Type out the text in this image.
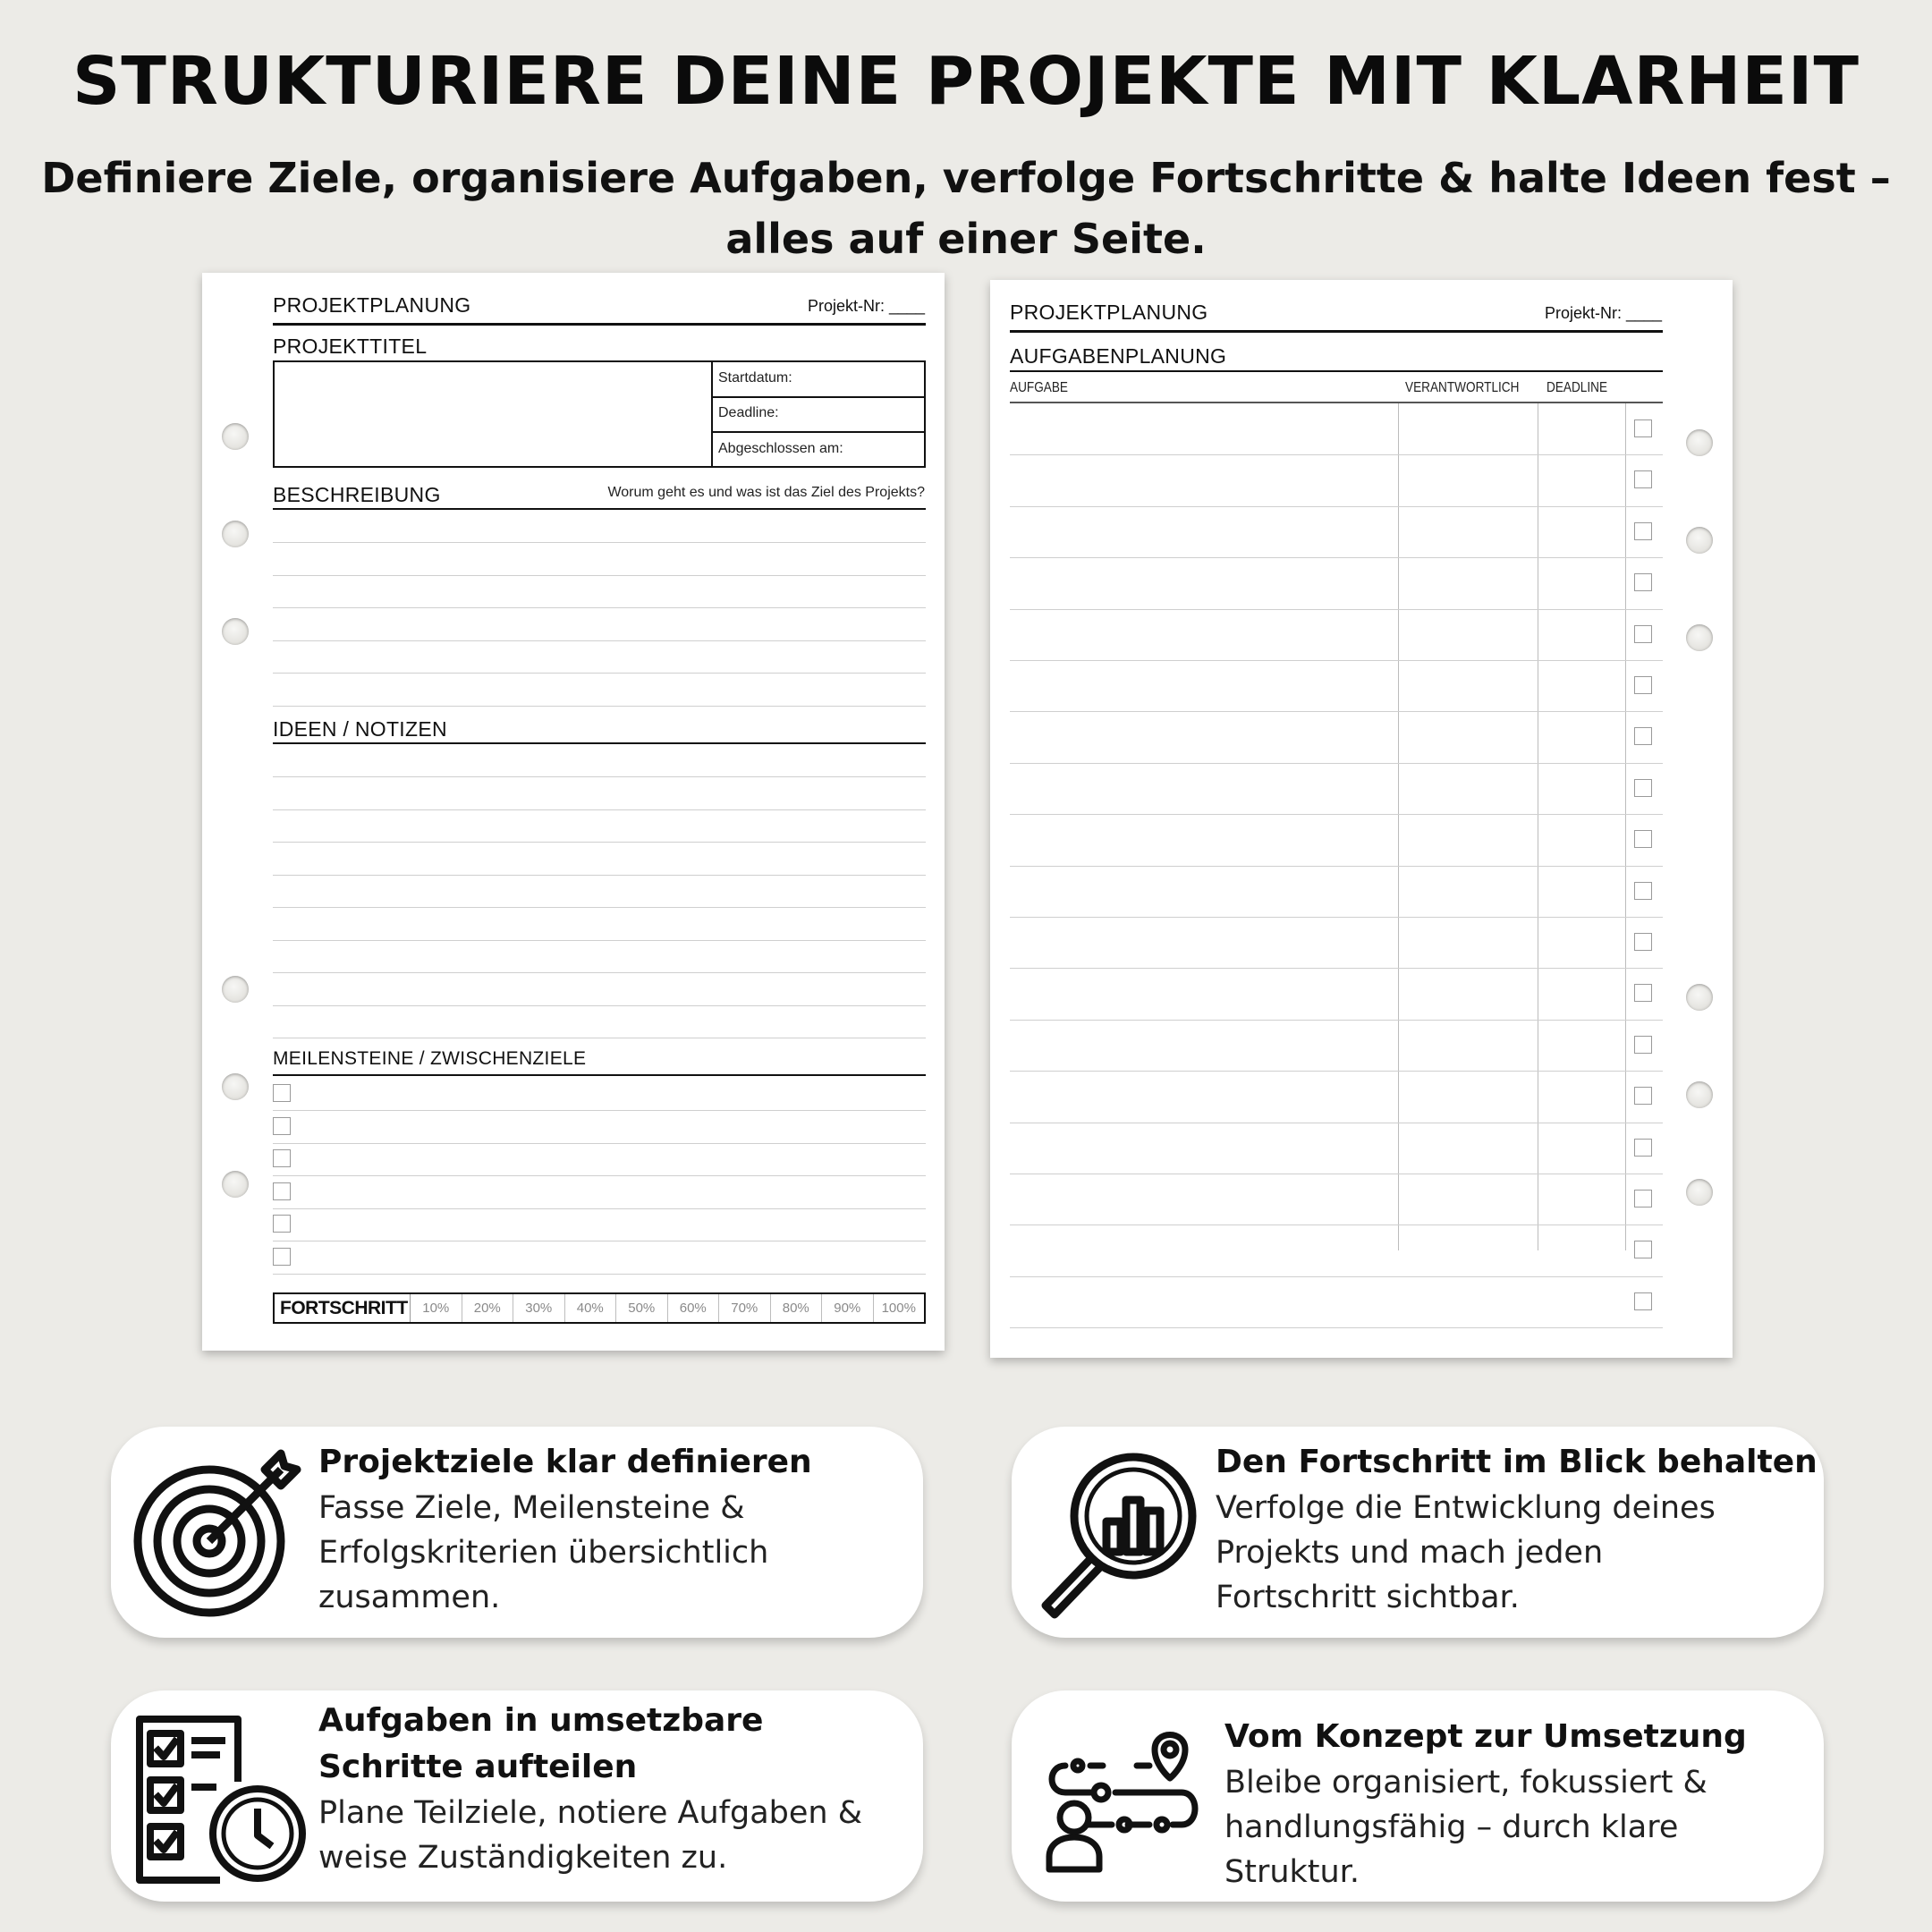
STRUKTURIERE DEINE PROJEKTE MIT KLARHEIT
Definiere Ziele, organisiere Aufgaben, verfolge Fortschritte & halte Ideen fest – alles auf einer Seite.
PROJEKTPLANUNG	Projekt-Nr: ____
PROJEKTTITEL
Startdatum:
Deadline:
Abgeschlossen am:
BESCHREIBUNG	Worum geht es und was ist das Ziel des Projekts?
IDEEN / NOTIZEN
MEILENSTEINE / ZWISCHENZIELE
FORTSCHRITT	10%	20%	30%	40%	50%	60%	70%	80%	90%	100%
PROJEKTPLANUNG	Projekt-Nr: ____
AUFGABENPLANUNG
AUFGABE	VERANTWORTLICH DEADLINE
Projektziele klar definieren
Fasse Ziele, Meilensteine & Erfolgskriterien übersichtlich zusammen.
Den Fortschritt im Blick behalten
Verfolge die Entwicklung deines Projekts und mach jeden Fortschritt sichtbar.
Aufgaben in umsetzbare Schritte aufteilen
Plane Teilziele, notiere Aufgaben & weise Zuständigkeiten zu.
Vom Konzept zur Umsetzung
Bleibe organisiert, fokussiert & handlungsfähig – durch klare Struktur.
